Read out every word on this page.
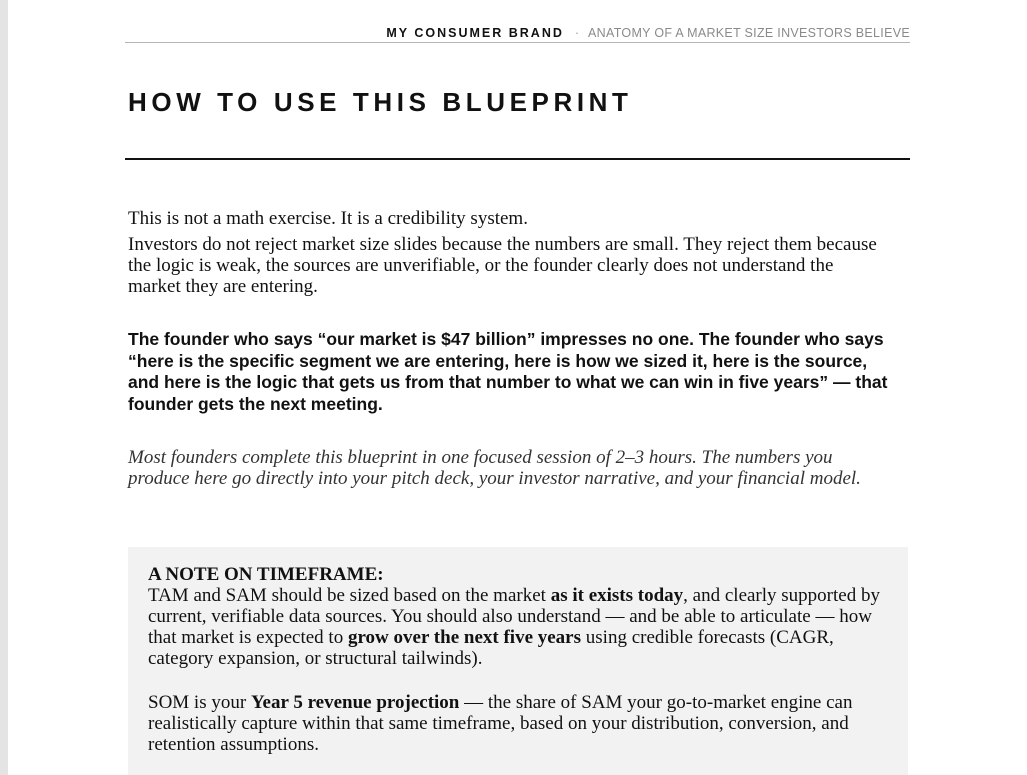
MY CONSUMER BRAND · ANATOMY OF A MARKET SIZE INVESTORS BELIEVE
HOW TO USE THIS BLUEPRINT

This is not a math exercise. It is a credibility system.

Investors do not reject market size slides because the numbers are small. They reject them because the logic is weak, the sources are unverifiable, or the founder clearly does not understand the market they are entering.

The founder who says “our market is $47 billion” impresses no one. The founder who says “here is the specific segment we are entering, here is how we sized it, here is the source, and here is the logic that gets us from that number to what we can win in five years” — that founder gets the next meeting.

Most founders complete this blueprint in one focused session of 2–3 hours. The numbers you produce here go directly into your pitch deck, your investor narrative, and your financial model.

A NOTE ON TIMEFRAME:

TAM and SAM should be sized based on the market as it exists today, and clearly supported by current, verifiable data sources. You should also understand — and be able to articulate — how that market is expected to grow over the next five years using credible forecasts (CAGR, category expansion, or structural tailwinds).

SOM is your Year 5 revenue projection — the share of SAM your go-to-market engine can realistically capture within that same timeframe, based on your distribution, conversion, and retention assumptions.
